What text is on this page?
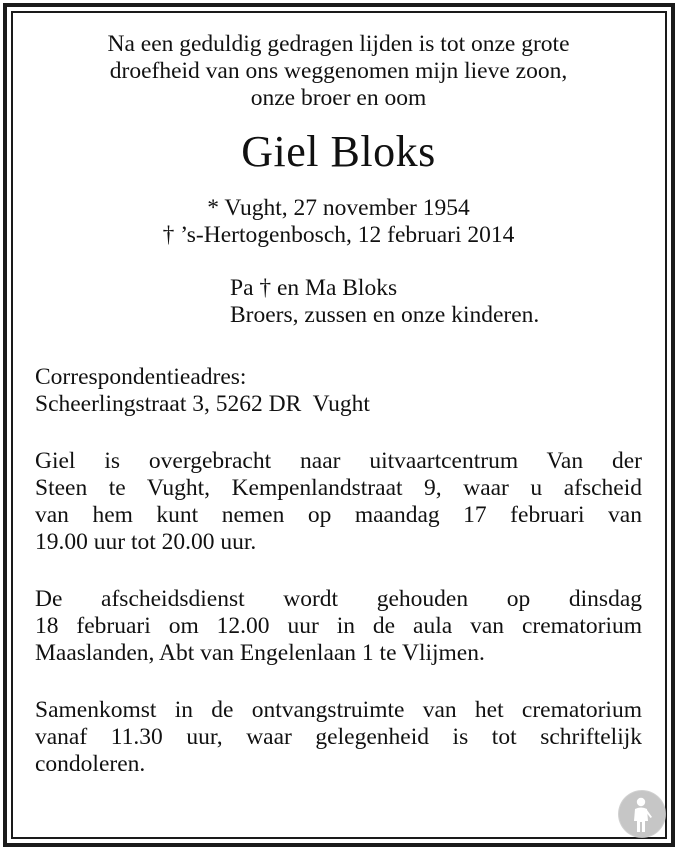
Na een geduldig gedragen lijden is tot onze grote
droefheid van ons weggenomen mijn lieve zoon,
onze broer en oom
Giel Bloks
* Vught, 27 november 1954
† ’s-Hertogenbosch, 12 februari 2014
Pa † en Ma Bloks
Broers, zussen en onze kinderen.
Correspondentieadres:
Scheerlingstraat 3, 5262 DR  Vught

Giel is overgebracht naar uitvaartcentrum Van der
Steen te Vught, Kempenlandstraat 9, waar u afscheid
van hem kunt nemen op maandag 17 februari van
19.00 uur tot 20.00 uur.

De afscheidsdienst wordt gehouden op dinsdag
18 februari om 12.00 uur in de aula van crematorium
Maaslanden, Abt van Engelenlaan 1 te Vlijmen.

Samenkomst in de ontvangstruimte van het crematorium
vanaf 11.30 uur, waar gelegenheid is tot schriftelijk
condoleren.
